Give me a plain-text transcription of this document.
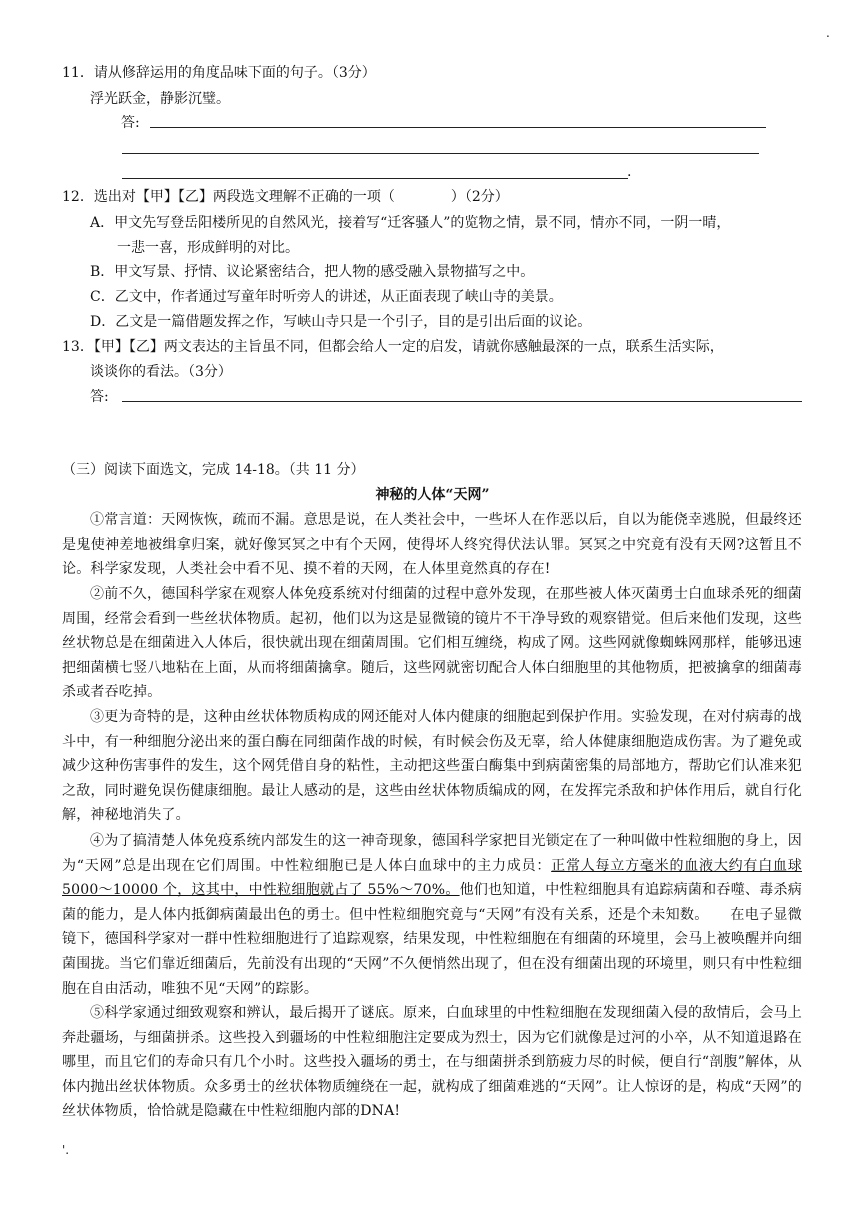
.
'.
11．请从修辞运用的角度品味下面的句子。（3分）
浮光跃金，静影沉璧。
答:
.
12．选出对【甲】【乙】两段选文理解不正确的一项（　　　　）（2分）
A．甲文先写登岳阳楼所见的自然风光，接着写“迁客骚人”的览物之情，景不同，情亦不同，一阴一晴，
一悲一喜，形成鲜明的对比。
B．甲文写景、抒情、议论紧密结合，把人物的感受融入景物描写之中。
C．乙文中，作者通过写童年时听旁人的讲述，从正面表现了峡山寺的美景。
D．乙文是一篇借题发挥之作，写峡山寺只是一个引子，目的是引出后面的议论。
13．【甲】【乙】两文表达的主旨虽不同，但都会给人一定的启发，请就你感触最深的一点，联系生活实际，
谈谈你的看法。（3分）
答:
（三）阅读下面选文，完成 14-18。（共 11 分）
神秘的人体“天网”
①常言道：天网恢恢，疏而不漏。意思是说，在人类社会中，一些坏人在作恶以后，自以为能侥幸逃脱，但最终还是鬼使神差地被缉拿归案，就好像冥冥之中有个天网，使得坏人终究得伏法认罪。冥冥之中究竟有没有天网?这暂且不论。科学家发现，人类社会中看不见、摸不着的天网，在人体里竟然真的存在!
②前不久，德国科学家在观察人体免疫系统对付细菌的过程中意外发现，在那些被人体灭菌勇士白血球杀死的细菌周围，经常会看到一些丝状体物质。起初，他们以为这是显微镜的镜片不干净导致的观察错觉。但后来他们发现，这些丝状物总是在细菌进入人体后，很快就出现在细菌周围。它们相互缠绕，构成了网。这些网就像蜘蛛网那样，能够迅速把细菌横七竖八地粘在上面，从而将细菌擒拿。随后，这些网就密切配合人体白细胞里的其他物质，把被擒拿的细菌毒杀或者吞吃掉。
③更为奇特的是，这种由丝状体物质构成的网还能对人体内健康的细胞起到保护作用。实验发现，在对付病毒的战斗中，有一种细胞分泌出来的蛋白酶在同细菌作战的时候，有时候会伤及无辜，给人体健康细胞造成伤害。为了避免或减少这种伤害事件的发生，这个网凭借自身的粘性，主动把这些蛋白酶集中到病菌密集的局部地方，帮助它们认准来犯之敌，同时避免误伤健康细胞。最让人感动的是，这些由丝状体物质编成的网，在发挥完杀敌和护体作用后，就自行化解，神秘地消失了。
④为了搞清楚人体免疫系统内部发生的这一神奇现象，德国科学家把目光锁定在了一种叫做中性粒细胞的身上，因为“天网”总是出现在它们周围。中性粒细胞已是人体白血球中的主力成员：正常人每立方毫米的血液大约有白血球 5000～10000 个，这其中，中性粒细胞就占了 55%～70%。他们也知道，中性粒细胞具有追踪病菌和吞噬、毒杀病菌的能力，是人体内抵御病菌最出色的勇士。但中性粒细胞究竟与“天网”有没有关系，还是个未知数。　　在电子显微镜下，德国科学家对一群中性粒细胞进行了追踪观察，结果发现，中性粒细胞在有细菌的环境里，会马上被唤醒并向细菌围拢。当它们靠近细菌后，先前没有出现的“天网”不久便悄然出现了，但在没有细菌出现的环境里，则只有中性粒细胞在自由活动，唯独不见“天网”的踪影。
⑤科学家通过细致观察和辨认，最后揭开了谜底。原来，白血球里的中性粒细胞在发现细菌入侵的敌情后，会马上奔赴疆场，与细菌拼杀。这些投入到疆场的中性粒细胞注定要成为烈士，因为它们就像是过河的小卒，从不知道退路在哪里，而且它们的寿命只有几个小时。这些投入疆场的勇士，在与细菌拼杀到筋疲力尽的时候，便自行“剖腹”解体，从体内抛出丝状体物质。众多勇士的丝状体物质缠绕在一起，就构成了细菌难逃的“天网”。让人惊讶的是，构成“天网”的丝状体物质，恰恰就是隐藏在中性粒细胞内部的DNA!
